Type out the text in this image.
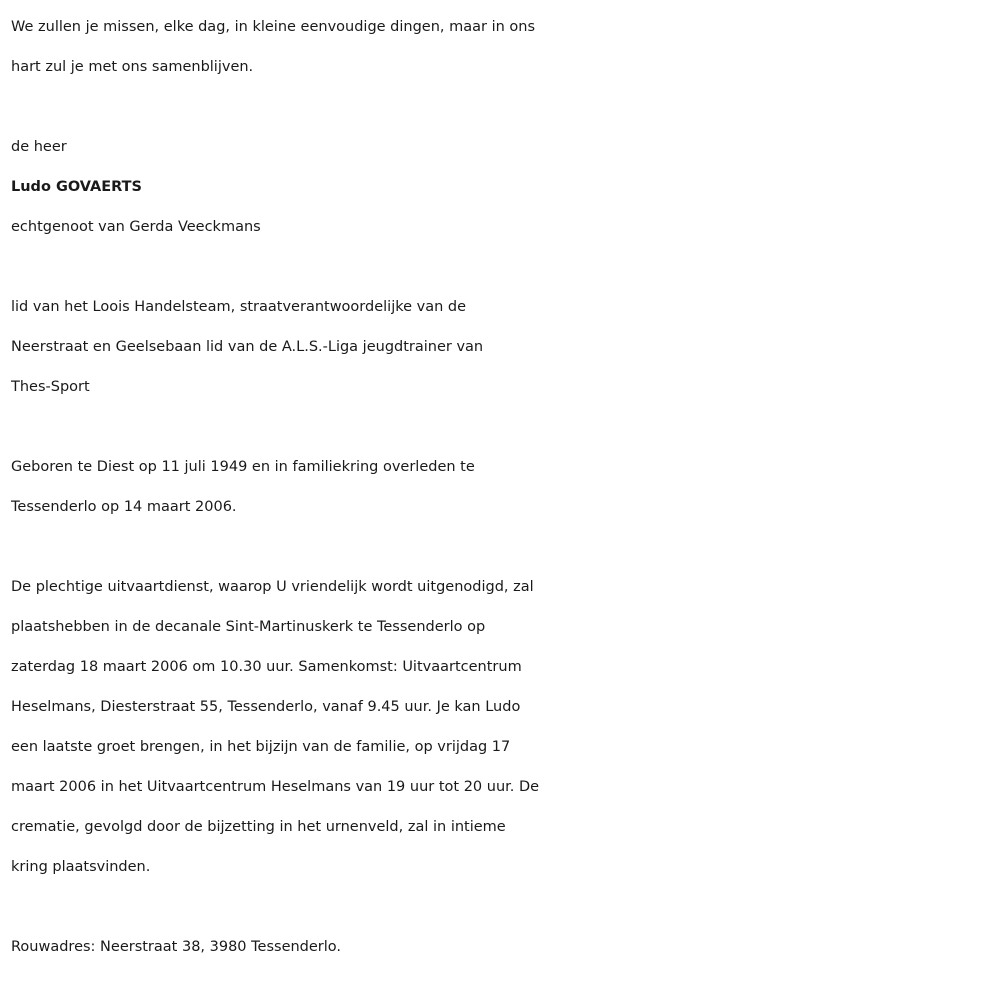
We zullen je missen, elke dag, in kleine eenvoudige dingen, maar in ons
hart zul je met ons samenblijven.
de heer
Ludo GOVAERTS
echtgenoot van Gerda Veeckmans
lid van het Loois Handelsteam, straatverantwoordelijke van de
Neerstraat en Geelsebaan lid van de A.L.S.-Liga jeugdtrainer van
Thes-Sport
Geboren te Diest op 11 juli 1949 en in familiekring overleden te
Tessenderlo op 14 maart 2006.
De plechtige uitvaartdienst, waarop U vriendelijk wordt uitgenodigd, zal
plaatshebben in de decanale Sint-Martinuskerk te Tessenderlo op
zaterdag 18 maart 2006 om 10.30 uur. Samenkomst: Uitvaartcentrum
Heselmans, Diesterstraat 55, Tessenderlo, vanaf 9.45 uur. Je kan Ludo
een laatste groet brengen, in het bijzijn van de familie, op vrijdag 17
maart 2006 in het Uitvaartcentrum Heselmans van 19 uur tot 20 uur. De
crematie, gevolgd door de bijzetting in het urnenveld, zal in intieme
kring plaatsvinden.
Rouwadres: Neerstraat 38, 3980 Tessenderlo.
